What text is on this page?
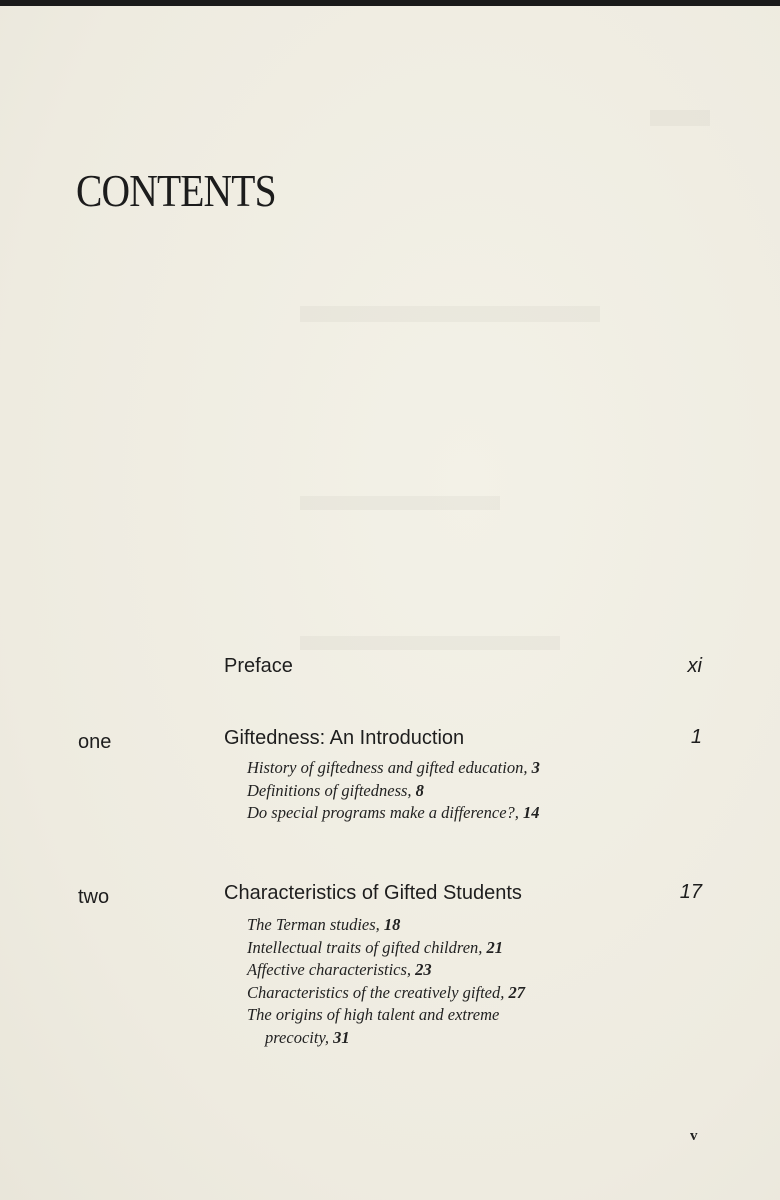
CONTENTS
Preface	xi
one	Giftedness: An Introduction	1
History of giftedness and gifted education, 3
Definitions of giftedness, 8
Do special programs make a difference?, 14
two	Characteristics of Gifted Students	17
The Terman studies, 18
Intellectual traits of gifted children, 21
Affective characteristics, 23
Characteristics of the creatively gifted, 27
The origins of high talent and extreme
precocity, 31
v
